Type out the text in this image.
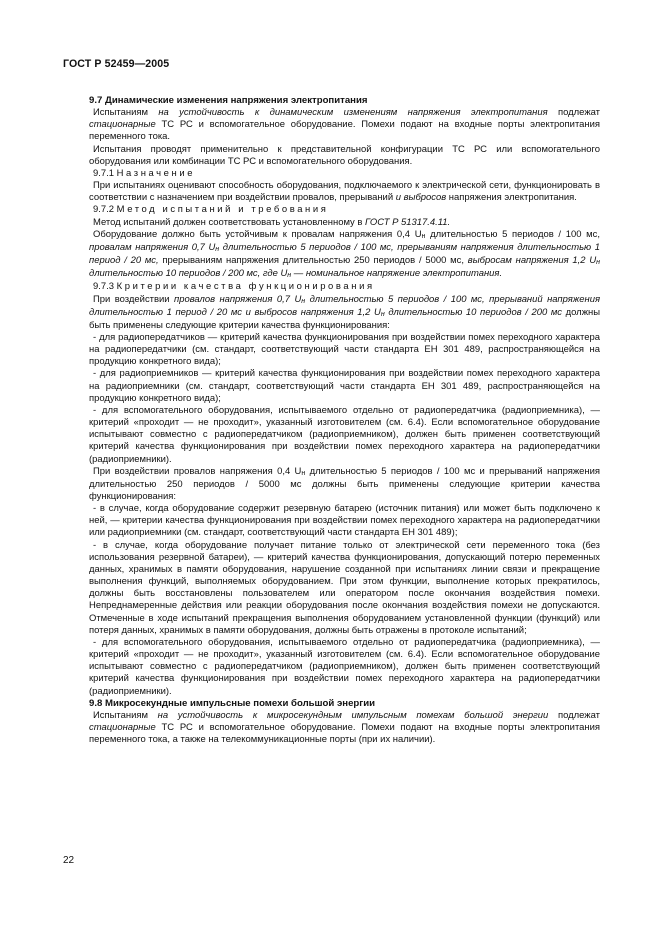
ГОСТ Р 52459—2005
9.7 Динамические изменения напряжения электропитания

Испытаниям на устойчивость к динамическим изменениям напряжения электропитания подлежат стационарные ТС РС и вспомогательное оборудование. Помехи подают на входные порты электропитания переменного тока.

Испытания проводят применительно к представительной конфигурации ТС РС или вспомогательного оборудования или комбинации ТС РС и вспомогательного оборудования.

9.7.1 Назначение

При испытаниях оценивают способность оборудования, подключаемого к электрической сети, функционировать в соответствии с назначением при воздействии провалов, прерываний и выбросов напряжения электропитания.

9.7.2 Метод испытаний и требования

Метод испытаний должен соответствовать установленному в ГОСТ Р 51317.4.11.

Оборудование должно быть устойчивым к провалам напряжения 0,4 Uн длительностью 5 периодов / 100 мс, провалам напряжения 0,7 Uн длительностью 5 периодов / 100 мс, прерываниям напряжения длительностью 1 период / 20 мс, прерываниям напряжения длительностью 250 периодов / 5000 мс, выбросам напряжения 1,2 Uн длительностью 10 периодов / 200 мс, где Uн — номинальное напряжение электропитания.

9.7.3 Критерии качества функционирования

При воздействии провалов напряжения 0,7 Uн длительностью 5 периодов / 100 мс, прерываний напряжения длительностью 1 период / 20 мс и выбросов напряжения 1,2 Uн длительностью 10 периодов / 200 мс должны быть применены следующие критерии качества функционирования:

- для радиопередатчиков — критерий качества функционирования при воздействии помех переходного характера на радиопередатчики (см. стандарт, соответствующий части стандарта ЕН 301 489, распространяющейся на продукцию конкретного вида);

- для радиоприемников — критерий качества функционирования при воздействии помех переходного характера на радиоприемники (см. стандарт, соответствующий части стандарта ЕН 301 489, распространяющейся на продукцию конкретного вида);

- для вспомогательного оборудования, испытываемого отдельно от радиопередатчика (радиоприемника), — критерий «проходит — не проходит», указанный изготовителем (см. 6.4). Если вспомогательное оборудование испытывают совместно с радиопередатчиком (радиоприемником), должен быть применен соответствующий критерий качества функционирования при воздействии помех переходного характера на радиопередатчики (радиоприемники).

При воздействии провалов напряжения 0,4 Uн длительностью 5 периодов / 100 мс и прерываний напряжения длительностью 250 периодов / 5000 мс должны быть применены следующие критерии качества функционирования:

- в случае, когда оборудование содержит резервную батарею (источник питания) или может быть подключено к ней, — критерии качества функционирования при воздействии помех переходного характера на радиопередатчики или радиоприемники (см. стандарт, соответствующий части стандарта ЕН 301 489);

- в случае, когда оборудование получает питание только от электрической сети переменного тока (без использования резервной батареи), — критерий качества функционирования, допускающий потерю переменных данных, хранимых в памяти оборудования, нарушение созданной при испытаниях линии связи и прекращение выполнения функций, выполняемых оборудованием. При этом функции, выполнение которых прекратилось, должны быть восстановлены пользователем или оператором после окончания воздействия помехи. Непреднамеренные действия или реакции оборудования после окончания воздействия помехи не допускаются. Отмеченные в ходе испытаний прекращения выполнения оборудованием установленной функции (функций) или потеря данных, хранимых в памяти оборудования, должны быть отражены в протоколе испытаний;

- для вспомогательного оборудования, испытываемого отдельно от радиопередатчика (радиоприемника), — критерий «проходит — не проходит», указанный изготовителем (см. 6.4). Если вспомогательное оборудование испытывают совместно с радиопередатчиком (радиоприемником), должен быть применен соответствующий критерий качества функционирования при воздействии помех переходного характера на радиопередатчики (радиоприемники).

9.8 Микросекундные импульсные помехи большой энергии

Испытаниям на устойчивость к микросекундным импульсным помехам большой энергии подлежат стационарные ТС РС и вспомогательное оборудование. Помехи подают на входные порты электропитания переменного тока, а также на телекоммуникационные порты (при их наличии).

22
